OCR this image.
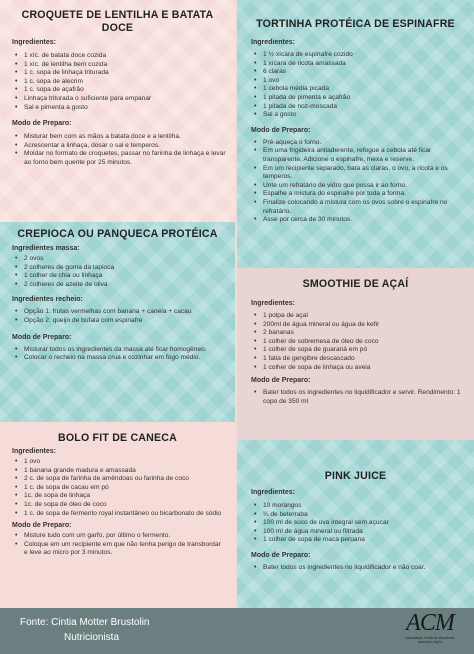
CROQUETE DE LENTILHA E BATATA
DOCE
Ingredientes:
• 1 xíc. de batata doce cozida
• 1 xíc. de lentilha bem cozida
• 1 c. sopa de linhaça triturada
• 1 c. sopa de alecrim
• 1 c. sopa de açafrão
• Linhaça triturada o suficiente para empanar
• Sal e pimenta a gosto
Modo de Preparo:
• Misturar bem com as mãos a batata doce e a lentilha.
• Acrescentar a linhaça, dosar o sal e temperos.
• Moldar no formato de croquetes, passar no farinha de linhaça e levar ao forno bem quente por 25 minutos.
TORTINHA PROTÉICA DE ESPINAFRE
Ingredientes:
• 1 ½ xícara de espinafre cozido
• 1 xícara de ricota amassada
• 6 claras
• 1 ovo
• 1 cebola média picada
• 1 pitada de pimenta e açafrão
• 1 pitada de noz-moscada
• Sal a gosto
Modo de Preparo:
• Pré-aqueça o forno.
• Em uma frigideira antiaderente, refogue a cebola até ficar transparente. Adicione o espinafre, mexa e reserve.
• Em um recipiente separado, bata as claras, o ovo, a ricota e os temperos.
• Unte um refratário de vidro que possa ir ao forno.
• Espalhe a mistura do espinafre por toda a forma.
• Finalize colocando a mistura com os ovos sobre o espinafre no refratário.
• Asse por cerca de 30 minutos.
CREPIOCA OU PANQUECA PROTÉICA
Ingredientes massa:
• 2 ovos
• 2 colheres de goma da tapioca
• 1 colher de chia ou linhaça
• 2 colheres de azeite de oliva
Ingredientes recheio:
• Opção 1: frutas vermelhas com banana + canela + cacau
• Opção 2: queijo de búfala com espinafre
Modo de Preparo:
• Misturar todos os ingredientes da massa até ficar homogêneo.
• Colocar o recheio na massa crua e cozinhar em fogo médio.
SMOOTHIE DE AÇAÍ
Ingredientes:
• 1 polpa de açaí
• 200ml de água mineral ou água de kefir
• 2 bananas
• 1 colher de sobremesa de óleo de coco
• 1 colher de sopa de guaraná em pó
• 1 fatia de gengibre descascado
• 1 colher de sopa de linhaça ou aveia
Modo de Preparo:
• Bater todos os ingredientes no liquidificador e servir. Rendimento: 1 copo de 350 ml
BOLO FIT DE CANECA
Ingredientes:
• 1 ovo
• 1 banana grande madura e amassada
• 2 c. de sopa de farinha de amêndoas ou farinha de coco
• 1 c. de sopa de cacau em pó
• 1c. de sopa de linhaça
• 1c. de sopa de óleo de coco
• 1 c. de sopa de fermento royal instantâneo ou bicarbonato de sódio
Modo de Preparo:
• Misture tudo com um garfo, por último o fermento.
• Coloque em um recipiente em que não tenha perigo de transbordar e leve ao micro por 3 minutos.
PINK JUICE
Ingredientes:
• 10 morangos
• ¼ de beterraba
• 100 ml de suco de uva integral sem açúcar
• 100 ml de água mineral ou filtrada
• 1 colher de sopa de maca peruana
Modo de Preparo:
• Bater todos os ingredientes no liquidificador e não coar.
Fonte: Cintia Motter Brustolin
Nutricionista
ACM
Associação Cristã de Moradores
www.acm.org.br
